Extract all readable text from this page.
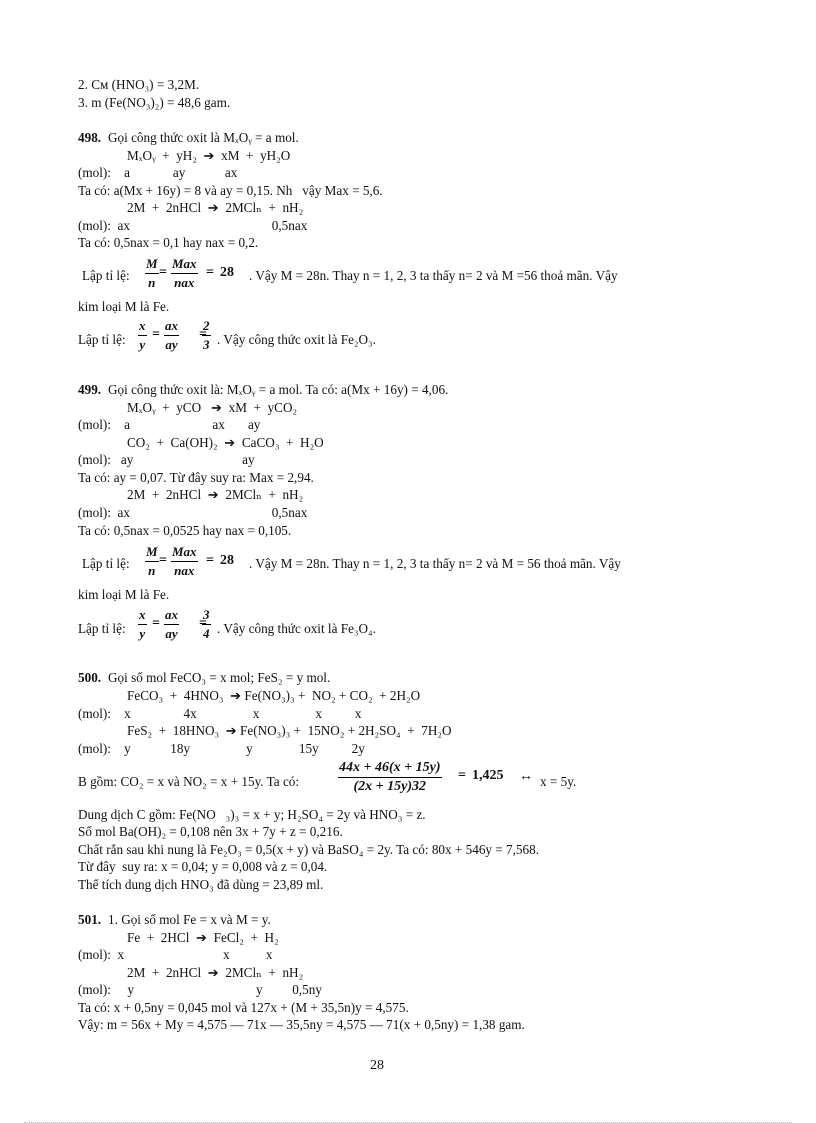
2. Cм (HNO₃) = 3,2M.
3. m (Fe(NO₃)₂) = 48,6 gam.
498. Gọi công thức oxit là MₓOᵧ = a mol.
MₓOᵧ  +  yH₂  ➔  xM  +  yH₂O
(mol):    a             ay            ax
Ta có: a(Mx + 16y) = 8 và ay = 0,15. Nh   vậy Max = 5,6.
2M  +  2nHCl  ➔  2MClₙ  +  nH₂
(mol):  ax                                           0,5nax
Ta có: 0,5nax = 0,1 hay nax = 0,2.
Lập tỉ lệ:	. Vậy M = 28n. Thay n = 1, 2, 3 ta thấy n= 2 và M =56 thoả mãn. Vậy
kim loại M là Fe.
Lập tỉ lệ:	. Vậy công thức oxit là Fe₂O₃.
499. Gọi công thức oxit là: MₓOᵧ = a mol. Ta có: a(Mx + 16y) = 4,06.
MₓOᵧ  +  yCO   ➔  xM  +  yCO₂
(mol):    a                         ax       ay
CO₂  +  Ca(OH)₂  ➔  CaCO₃  +  H₂O
(mol):   ay                                 ay
Ta có: ay = 0,07. Từ đây suy ra: Max = 2,94.
2M  +  2nHCl  ➔  2MClₙ  +  nH₂
(mol):  ax                                           0,5nax
Ta có: 0,5nax = 0,0525 hay nax = 0,105.
Lập tỉ lệ:	. Vậy M = 28n. Thay n = 1, 2, 3 ta thấy n= 2 và M = 56 thoả mãn. Vậy
kim loại M là Fe.
Lập tỉ lệ:	. Vậy công thức oxit là Fe₃O₄.
500. Gọi số mol FeCO₃ = x mol; FeS₂ = y mol.
FeCO₃  +  4HNO₃  ➔ Fe(NO₃)₃ +  NO₂ + CO₂  + 2H₂O
(mol):    x                4x                 x                 x          x
FeS₂  +  18HNO₃  ➔ Fe(NO₃)₃ +  15NO₂ + 2H₂SO₄  +  7H₂O
(mol):    y            18y                 y              15y          2y
B gồm: CO₂ = x và NO₂ = x + 15y. Ta có:	x = 5y.
Dung dịch C gồm: Fe(NO   ₃)₃ = x + y; H₂SO₄ = 2y và HNO₃ = z.
Số mol Ba(OH)₂ = 0,108 nên 3x + 7y + z = 0,216.
Chất rắn sau khi nung là Fe₂O₃ = 0,5(x + y) và BaSO₄ = 2y. Ta có: 80x + 546y = 7,568.
Từ đây  suy ra: x = 0,04; y = 0,008 và z = 0,04.
Thể tích dung dịch HNO₃ đã dùng = 23,89 ml.
501. 1. Gọi số mol Fe = x và M = y.
Fe  +  2HCl  ➔  FeCl₂  +  H₂
(mol):  x                              x           x
2M  +  2nHCl  ➔  2MClₙ  +  nH₂
(mol):     y                                     y         0,5ny
Ta có: x + 0,5ny = 0,045 mol và 127x + (M + 35,5n)y = 4,575.
Vậy: m = 56x + My = 4,575 — 71x — 35,5ny = 4,575 — 71(x + 0,5ny) = 1,38 gam.
$\frac{M}{n}$ =
Max
nax
= 28
$\frac{x}{y} = \frac{ax}{ay}$ =
$\frac{2}{3}$
$\frac{M}{n}$ =
Max
nax
= 28
$\frac{x}{y} = \frac{ax}{ay}$ =
$\frac{3}{4}$
$\frac{44x + 46(x + 15y)}{(2x + 15y)32} = 1,425$ ↔
28
